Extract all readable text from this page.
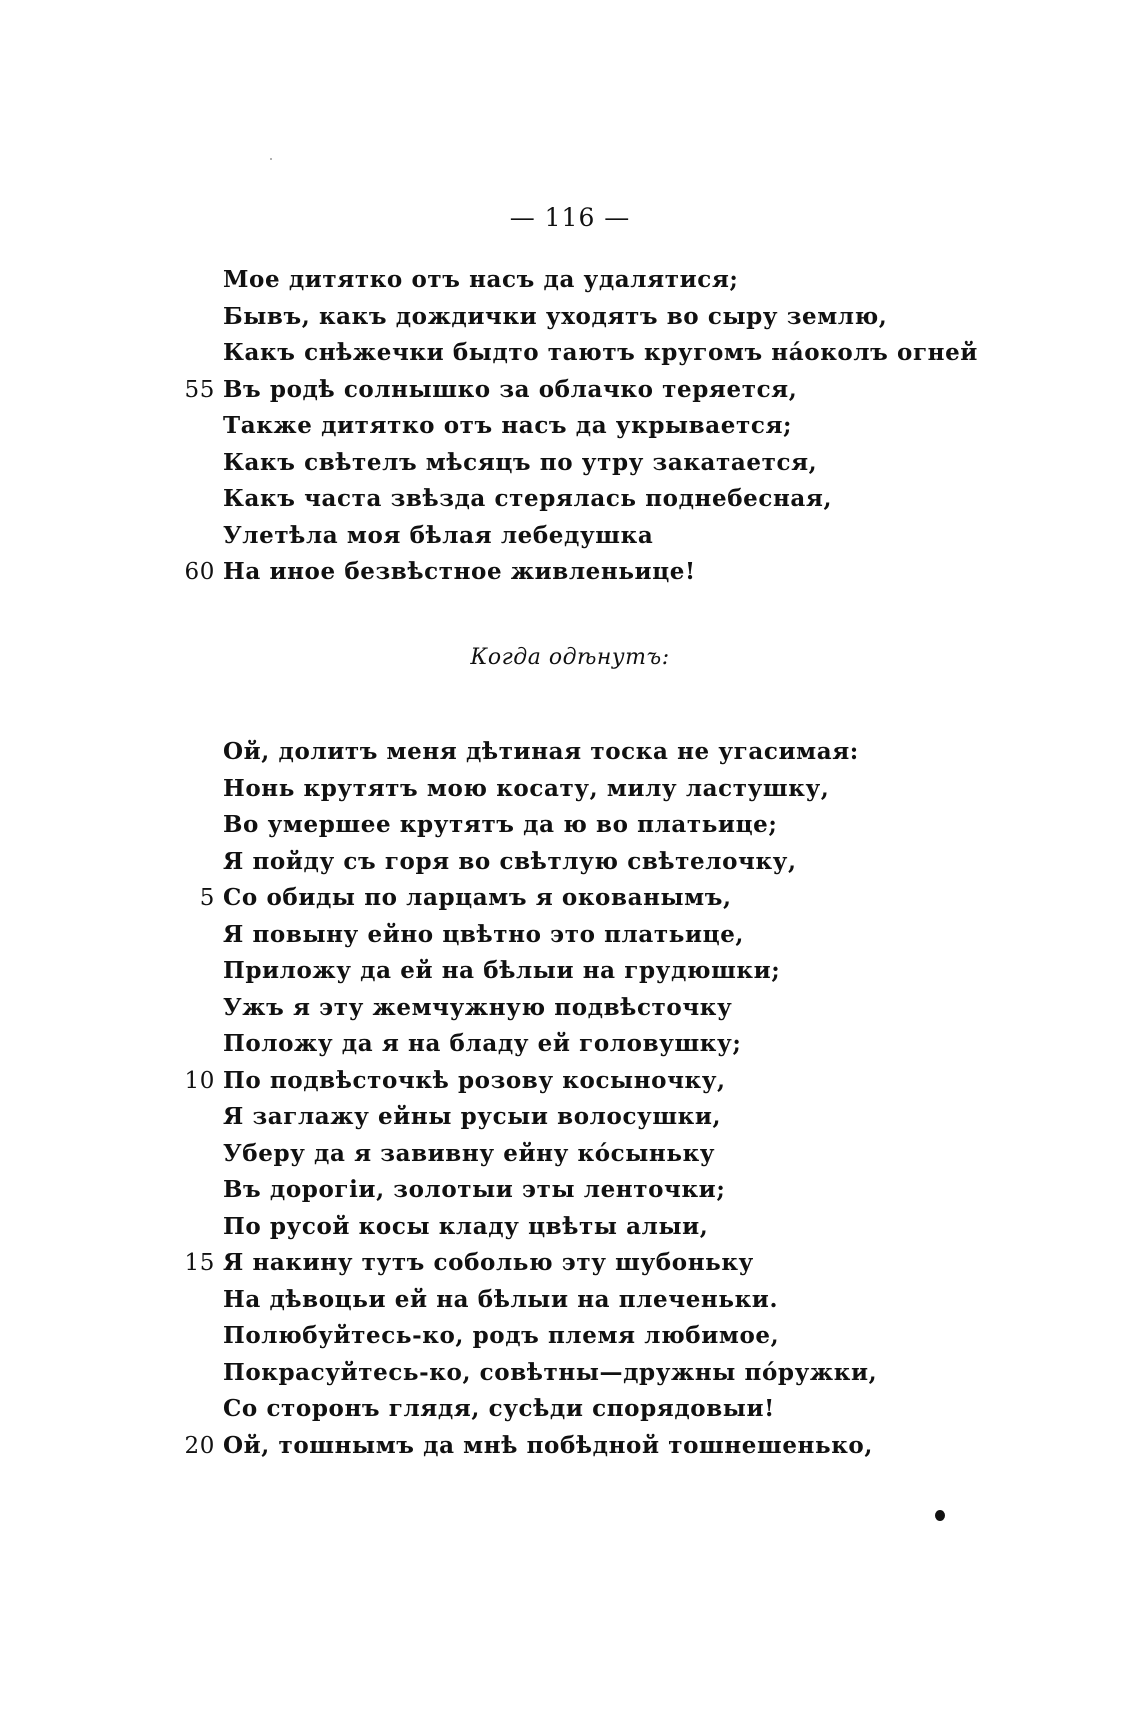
— 116 —
Мое дитятко отъ насъ да удалятися;
Бывъ, какъ дождички уходятъ во сыру землю,
Какъ снѣжечки быдто таютъ кругомъ нáоколъ огней
55 Въ родѣ солнышко за облачко теряется,
Также дитятко отъ насъ да укрывается;
Какъ свѣтелъ мѣсяцъ по утру закатается,
Какъ часта звѣзда стерялась поднебесная,
Улетѣла моя бѣлая лебедушка
60 На иное безвѣстное живленьице!
Когда одѣнутъ:
Ой, долитъ меня дѣтиная тоска не угасимая:
Нонь крутятъ мою косату, милу ластушку,
Во умершее крутятъ да ю во платьице;
Я пойду съ горя во свѣтлую свѣтелочку,
5 Со обиды по ларцамъ я окованымъ,
Я повыну ейно цвѣтно это платьице,
Приложу да ей на бѣлыи на грудюшки;
Ужъ я эту жемчужную подвѣсточку
Положу да я на бладу ей головушку;
10 По подвѣсточкѣ розову косыночку,
Я заглажу ейны русыи волосушки,
Уберу да я завивну ейну кóсыньку
Въ дорогіи, золотыи эты ленточки;
По русой косы кладу цвѣты алыи,
15 Я накину тутъ соболью эту шубоньку
На дѣвоцьи ей на бѣлыи на плеченьки.
Полюбуйтесь-ко, родъ племя любимое,
Покрасуйтесь-ко, совѣтны—дружны пóружки,
Со сторонъ глядя, сусѣди спорядовыи!
20 Ой, тошнымъ да мнѣ побѣдной тошнешенько,
